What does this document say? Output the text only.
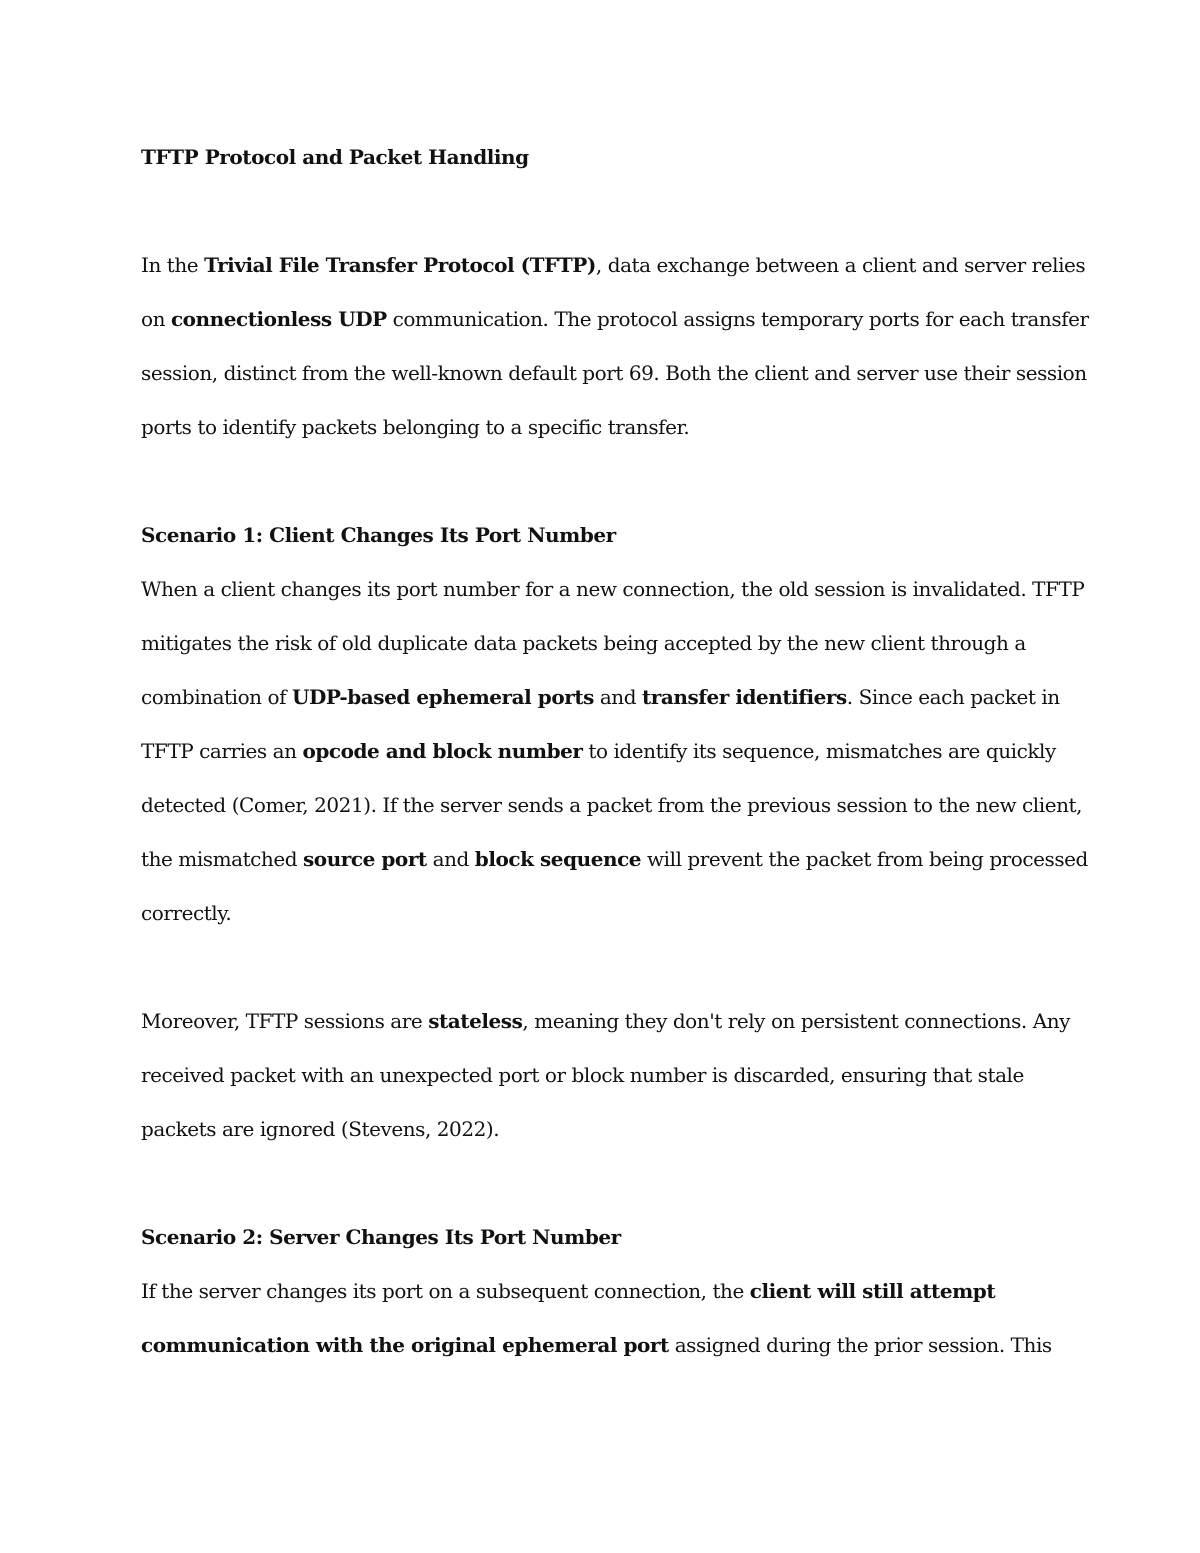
TFTP Protocol and Packet Handling
In the Trivial File Transfer Protocol (TFTP), data exchange between a client and server relies
on connectionless UDP communication. The protocol assigns temporary ports for each transfer
session, distinct from the well-known default port 69. Both the client and server use their session
ports to identify packets belonging to a specific transfer.
Scenario 1: Client Changes Its Port Number
When a client changes its port number for a new connection, the old session is invalidated. TFTP
mitigates the risk of old duplicate data packets being accepted by the new client through a
combination of UDP-based ephemeral ports and transfer identifiers. Since each packet in
TFTP carries an opcode and block number to identify its sequence, mismatches are quickly
detected (Comer, 2021). If the server sends a packet from the previous session to the new client,
the mismatched source port and block sequence will prevent the packet from being processed
correctly.
Moreover, TFTP sessions are stateless, meaning they don't rely on persistent connections. Any
received packet with an unexpected port or block number is discarded, ensuring that stale
packets are ignored (Stevens, 2022).
Scenario 2: Server Changes Its Port Number
If the server changes its port on a subsequent connection, the client will still attempt
communication with the original ephemeral port assigned during the prior session. This
